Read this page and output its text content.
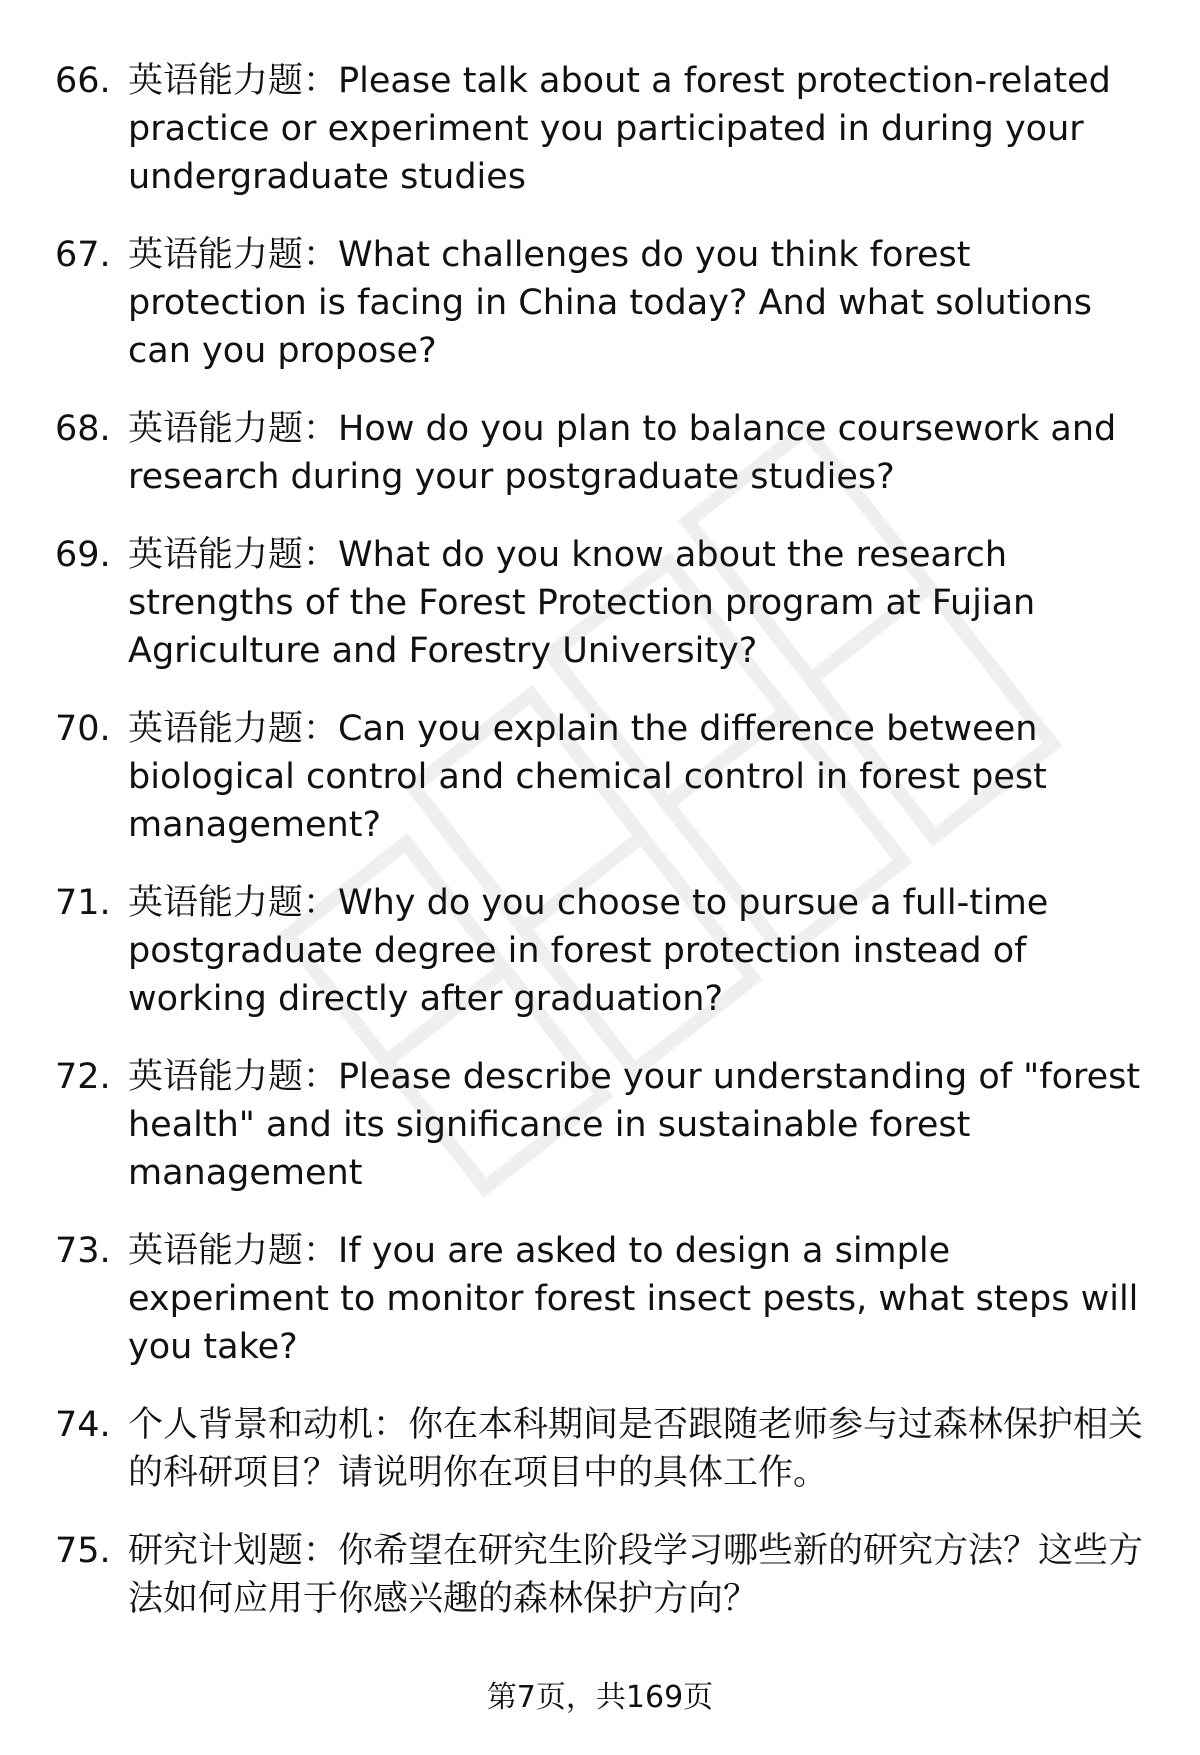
66. 英语能力题：Please talk about a forest protection-related practice or experiment you participated in during your undergraduate studies
67. 英语能力题：What challenges do you think forest protection is facing in China today? And what solutions can you propose?
68. 英语能力题：How do you plan to balance coursework and research during your postgraduate studies?
69. 英语能力题：What do you know about the research strengths of the Forest Protection program at Fujian Agriculture and Forestry University?
70. 英语能力题：Can you explain the difference between biological control and chemical control in forest pest management?
71. 英语能力题：Why do you choose to pursue a full-time postgraduate degree in forest protection instead of working directly after graduation?
72. 英语能力题：Please describe your understanding of "forest health" and its significance in sustainable forest management
73. 英语能力题：If you are asked to design a simple experiment to monitor forest insect pests, what steps will you take?
74. 个人背景和动机：你在本科期间是否跟随老师参与过森林保护相关的科研项目？请说明你在项目中的具体工作。
75. 研究计划题：你希望在研究生阶段学习哪些新的研究方法？这些方法如何应用于你感兴趣的森林保护方向？
第7页，共169页
